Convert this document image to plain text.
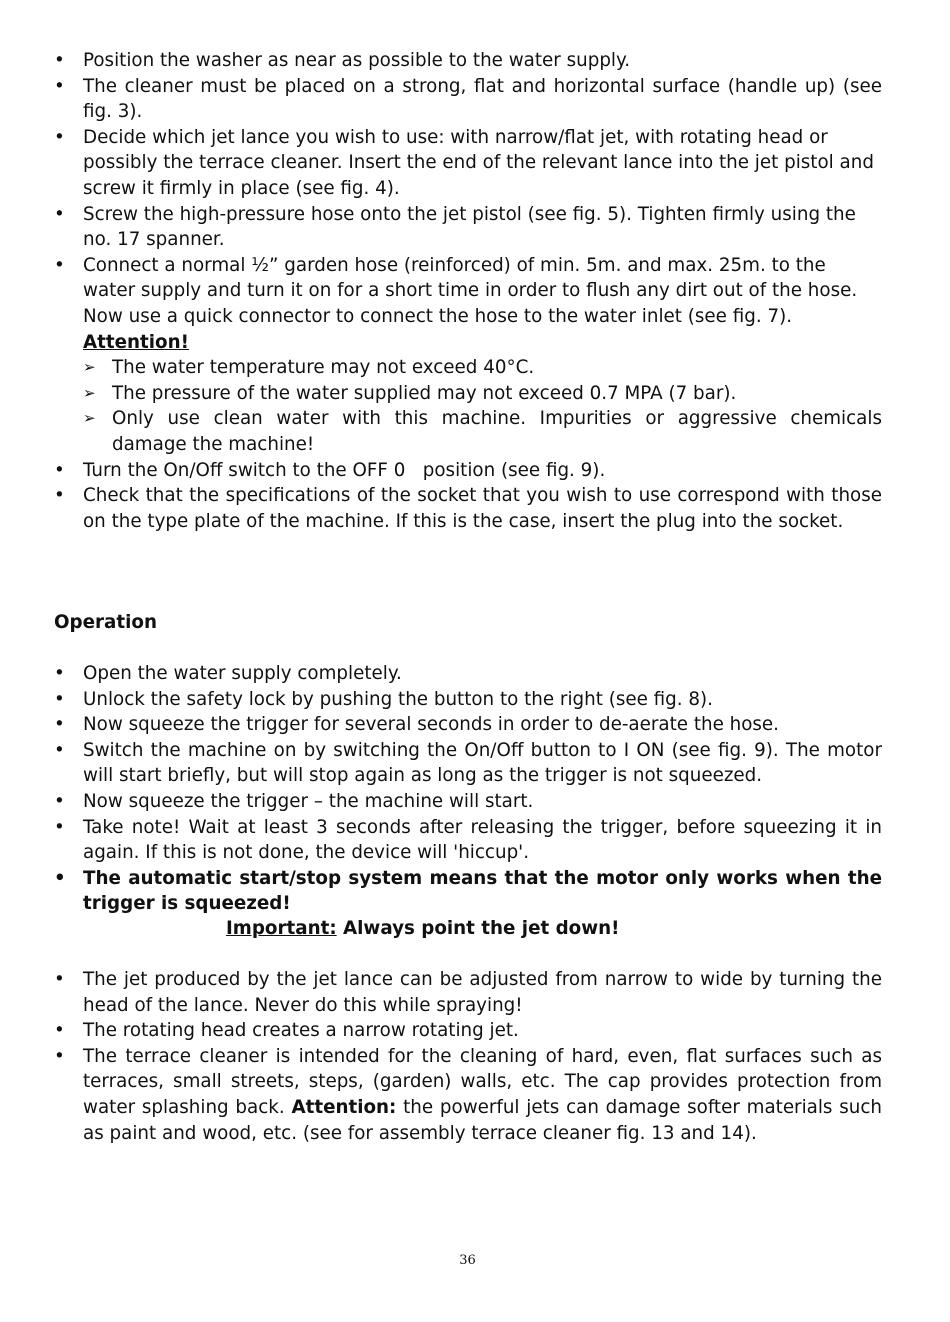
• Position the washer as near as possible to the water supply.
• The cleaner must be placed on a strong, flat and horizontal surface (handle up) (see fig. 3).
• Decide which jet lance you wish to use: with narrow/flat jet, with rotating head or possibly the terrace cleaner. Insert the end of the relevant lance into the jet pistol and screw it firmly in place (see fig. 4).
• Screw the high-pressure hose onto the jet pistol (see fig. 5). Tighten firmly using the no. 17 spanner.
• Connect a normal ½” garden hose (reinforced) of min. 5m. and max. 25m. to the water supply and turn it on for a short time in order to flush any dirt out of the hose. Now use a quick connector to connect the hose to the water inlet (see fig. 7).
Attention!
➢ The water temperature may not exceed 40°C.
➢ The pressure of the water supplied may not exceed 0.7 MPA (7 bar).
➢ Only use clean water with this machine. Impurities or aggressive chemicals damage the machine!
• Turn the On/Off switch to the OFF 0   position (see fig. 9).
• Check that the specifications of the socket that you wish to use correspond with those on the type plate of the machine. If this is the case, insert the plug into the socket.
Operation
• Open the water supply completely.
• Unlock the safety lock by pushing the button to the right (see fig. 8).
• Now squeeze the trigger for several seconds in order to de-aerate the hose.
• Switch the machine on by switching the On/Off button to I ON (see fig. 9). The motor will start briefly, but will stop again as long as the trigger is not squeezed.
• Now squeeze the trigger – the machine will start.
• Take note! Wait at least 3 seconds after releasing the trigger, before squeezing it in again. If this is not done, the device will 'hiccup'.
• The automatic start/stop system means that the motor only works when the trigger is squeezed!
Important: Always point the jet down!
• The jet produced by the jet lance can be adjusted from narrow to wide by turning the head of the lance. Never do this while spraying!
• The rotating head creates a narrow rotating jet.
• The terrace cleaner is intended for the cleaning of hard, even, flat surfaces such as terraces, small streets, steps, (garden) walls, etc. The cap provides protection from water splashing back. Attention: the powerful jets can damage softer materials such as paint and wood, etc. (see for assembly terrace cleaner fig. 13 and 14).
36
